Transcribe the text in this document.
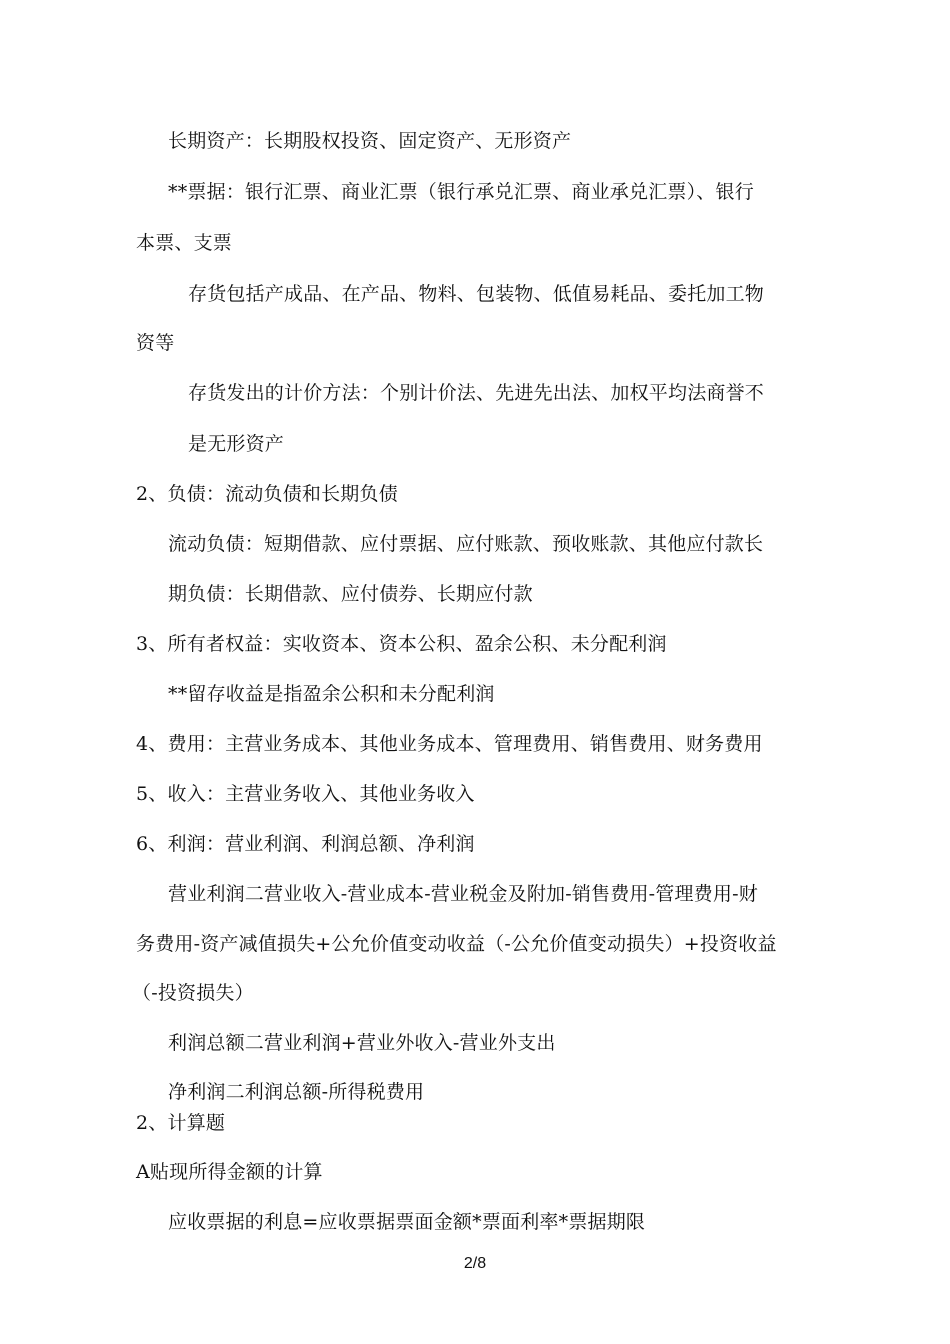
长期资产：长期股权投资、固定资产、无形资产
**票据：银行汇票、商业汇票（银行承兑汇票、商业承兑汇票）、银行
本票、支票
存货包括产成品、在产品、物料、包装物、低值易耗品、委托加工物
资等
存货发出的计价方法：个别计价法、先进先出法、加权平均法商誉不
是无形资产
2、负债：流动负债和长期负债
流动负债：短期借款、应付票据、应付账款、预收账款、其他应付款长
期负债：长期借款、应付债券、长期应付款
3、所有者权益：实收资本、资本公积、盈余公积、未分配利润
**留存收益是指盈余公积和未分配利润
4、费用：主营业务成本、其他业务成本、管理费用、销售费用、财务费用
5、收入：主营业务收入、其他业务收入
6、利润：营业利润、利润总额、净利润
营业利润二营业收入-营业成本-营业税金及附加-销售费用-管理费用-财
务费用-资产减值损失+公允价值变动收益（-公允价值变动损失）+投资收益
（-投资损失）
利润总额二营业利润+营业外收入-营业外支出
净利润二利润总额-所得税费用
2、计算题
A贴现所得金额的计算
应收票据的利息=应收票据票面金额*票面利率*票据期限
2/8
